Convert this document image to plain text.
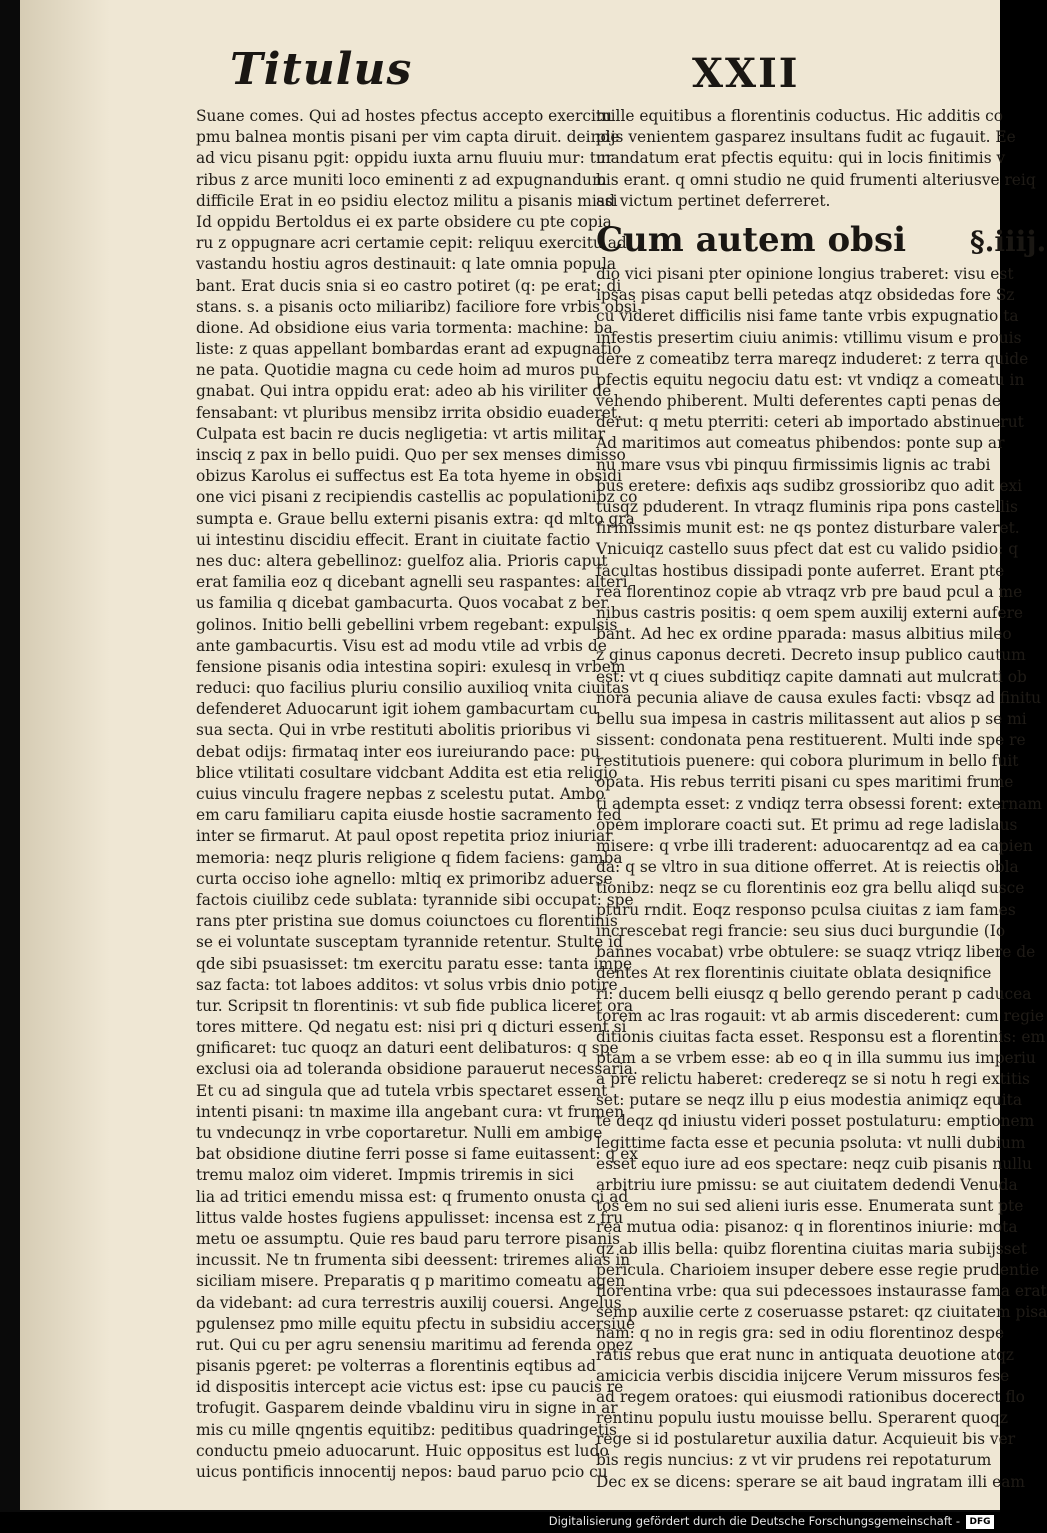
Titulus	XXII
Suane comes. Qui ad hostes pfectus accepto exercitu
pmu balnea montis pisani per vim capta diruit. deinde
ad vicu pisanu pgit: oppidu iuxta arnu fluuiu mur: tur
ribus z arce muniti loco eminenti z ad expugnandum
difficile Erat in eo psidiu electoz militu a pisanis missi
Id oppidu Bertoldus ei ex parte obsidere cu pte copia
ru z oppugnare acri certamie cepit: reliquu exercitu ad
vastandu hostiu agros destinauit: q late omnia popula
bant. Erat ducis snia si eo castro potiret (q: pe erat: di
stans. s. a pisanis octo miliaribz) faciliore fore vrbis obsi
dione. Ad obsidione eius varia tormenta: machine: ba
liste: z quas appellant bombardas erant ad expugnatio
ne pata. Quotidie magna cu cede hoim ad muros pu
gnabat. Qui intra oppidu erat: adeo ab his viriliter de
fensabant: vt pluribus mensibz irrita obsidio euaderet.
Culpata est bacin re ducis negligetia: vt artis militar
insciq z pax in bello puidi. Quo per sex menses dimisso
obizus Karolus ei suffectus est Ea tota hyeme in obsidi
one vici pisani z recipiendis castellis ac populationibz co
sumpta e. Graue bellu externi pisanis extra: qd mlto gra
ui intestinu discidiu effecit. Erant in ciuitate factio
nes duc: altera gebellinoz: guelfoz alia. Prioris caput
erat familia eoz q dicebant agnelli seu raspantes: alteri
us familia q dicebat gambacurta. Quos vocabat z ber
golinos. Initio belli gebellini vrbem regebant: expulsis
ante gambacurtis. Visu est ad modu vtile ad vrbis de
fensione pisanis odia intestina sopiri: exulesq in vrbem
reduci: quo facilius pluriu consilio auxilioq vnita ciuitas
defenderet Aduocarunt igit iohem gambacurtam cu
sua secta. Qui in vrbe restituti abolitis prioribus vi
debat odijs: firmataq inter eos iureiurando pace: pu
blice vtilitati cosultare vidcbant Addita est etia religio
cuius vinculu fragere nepbas z scelestu putat. Ambo
em caru familiaru capita eiusde hostie sacramento fed
inter se firmarut. At paul opost repetita prioz iniuriar
memoria: neqz pluris religione q fidem faciens: gamba
curta occiso iohe agnello: mltiq ex primoribz aduerse
factois ciuilibz cede sublata: tyrannide sibi occupat: spe
rans pter pristina sue domus coiunctoes cu florentinis
se ei voluntate susceptam tyrannide retentur. Stulte id
qde sibi psuasisset: tm exercitu paratu esse: tanta impe
saz facta: tot laboes additos: vt solus vrbis dnio potire
tur. Scripsit tn florentinis: vt sub fide publica liceret ora
tores mittere. Qd negatu est: nisi pri q dicturi essent si
gnificaret: tuc quoqz an daturi eent delibaturos: q spe
exclusi oia ad toleranda obsidione parauerut necessaria.
Et cu ad singula que ad tutela vrbis spectaret essent
intenti pisani: tn maxime illa angebant cura: vt frumen
tu vndecunqz in vrbe coportaretur. Nulli em ambige
bat obsidione diutine ferri posse si fame euitassent: q ex
tremu maloz oim videret. Impmis triremis in sici
lia ad tritici emendu missa est: q frumento onusta ci ad
littus valde hostes fugiens appulisset: incensa est z fru
metu oe assumptu. Quie res baud paru terrore pisanis
incussit. Ne tn frumenta sibi deessent: triremes alias in
siciliam misere. Preparatis q p maritimo comeatu agen
da videbant: ad cura terrestris auxilij couersi. Angelus
pgulensez pmo mille equitu pfectu in subsidiu accersiue
rut. Qui cu per agru senensiu maritimu ad ferenda opez
pisanis pgeret: pe volterras a florentinis eqtibus ad
id dispositis intercept acie victus est: ipse cu paucis re
trofugit. Gasparem deinde vbaldinu viru in signe in ar
mis cu mille qngentis equitibz: peditibus quadringetis
conductu pmeio aduocarunt. Huic oppositus est ludo
uicus pontificis innocentij nepos: baud paruo pcio cu
mille equitibus a florentinis coductus. Hic additis co
pijs venientem gasparez insultans fudit ac fugauit. Ee
mandatum erat pfectis equitu: qui in locis finitimis v
bis erant. q omni studio ne quid frumenti alteriusve reiq
ad victum pertinet deferreret.
Cum autem obsi §.iiij.
dio vici pisani pter opinione longius traberet: visu est
ipsas pisas caput belli petedas atqz obsidedas fore Sz
cu videret difficilis nisi fame tante vrbis expugnatio ta
infestis presertim ciuiu animis: vtillimu visum e prouis
dere z comeatibz terra mareqz induderet: z terra quide
pfectis equitu negociu datu est: vt vndiqz a comeatu in
vehendo phiberent. Multi deferentes capti penas de
derut: q metu pterriti: ceteri ab importado abstinuerut
Ad maritimos aut comeatus phibendos: ponte sup ar
nu mare vsus vbi pinquu firmissimis lignis ac trabi
bus eretere: defixis aqs sudibz grossioribz quo adit exi
tusqz pduderent. In vtraqz fluminis ripa pons castellis
firmissimis munit est: ne qs pontez disturbare valeret.
Vnicuiqz castello suus pfect dat est cu valido psidio: q
facultas hostibus dissipadi ponte auferret. Erant pte
rea florentinoz copie ab vtraqz vrb pre baud pcul a me
nibus castris positis: q oem spem auxilij externi aufere
bant. Ad hec ex ordine pparada: masus albitius mileo
z ginus caponus decreti. Decreto insup publico cautum
est: vt q ciues subditiqz capite damnati aut mulcrati ob
nora pecunia aliave de causa exules facti: vbsqz ad finitu
bellu sua impesa in castris militassent aut alios p se mi
sissent: condonata pena restituerent. Multi inde spe re
restitutiois puenere: qui cobora plurimum in bello fuit
opata. His rebus territi pisani cu spes maritimi frume
ti adempta esset: z vndiqz terra obsessi forent: externam
opem implorare coacti sut. Et primu ad rege ladislaus
misere: q vrbe illi traderent: aduocarentqz ad ea capien
da: q se vltro in sua ditione offerret. At is reiectis obla
tionibz: neqz se cu florentinis eoz gra bellu aliqd susce
pturu rndit. Eoqz responso pculsa ciuitas z iam fames
increscebat regi francie: seu sius duci burgundie (Io
bannes vocabat) vrbe obtulere: se suaqz vtriqz libere de
dentes At rex florentinis ciuitate oblata desiqnifice
ri: ducem belli eiusqz q bello gerendo perant p caducea
torem ac lras rogauit: vt ab armis discederent: cum regie
ditionis ciuitas facta esset. Responsu est a florentinis: em
ptam a se vrbem esse: ab eo q in illa summu ius imperiu
a pre relictu haberet: credereqz se si notu h regi extitis
set: putare se neqz illu p eius modestia animiqz equita
te deqz qd iniustu videri posset postulaturu: emptionem
legittime facta esse et pecunia psoluta: vt nulli dubium
esset equo iure ad eos spectare: neqz cuib pisanis nullu
arbitriu iure pmissu: se aut ciuitatem dedendi Venuda
tos em no sui sed alieni iuris esse. Enumerata sunt pte
rea mutua odia: pisanoz: q in florentinos iniurie: mota
qz ab illis bella: quibz florentina ciuitas maria subijsset
pericula. Charioiem insuper debere esse regie prudentie
florentina vrbe: qua sui pdecessoes instaurasse fama erat
semp auxilie certe z coseruasse pstaret: qz ciuitatem pisa
nam: q no in regis gra: sed in odiu florentinoz despe
ratis rebus que erat nunc in antiquata deuotione atqz
amicicia verbis discidia inijcere Verum missuros fese
ad regem oratoes: qui eiusmodi rationibus docerect flo
rentinu populu iustu mouisse bellu. Sperarent quoqz
rege si id postularetur auxilia datur. Acquieuit bis ver
bis regis nuncius: z vt vir prudens rei repotaturum
Dec ex se dicens: sperare se ait baud ingratam illi eam
Digitalisierung gefördert durch die Deutsche Forschungsgemeinschaft -	DFG
